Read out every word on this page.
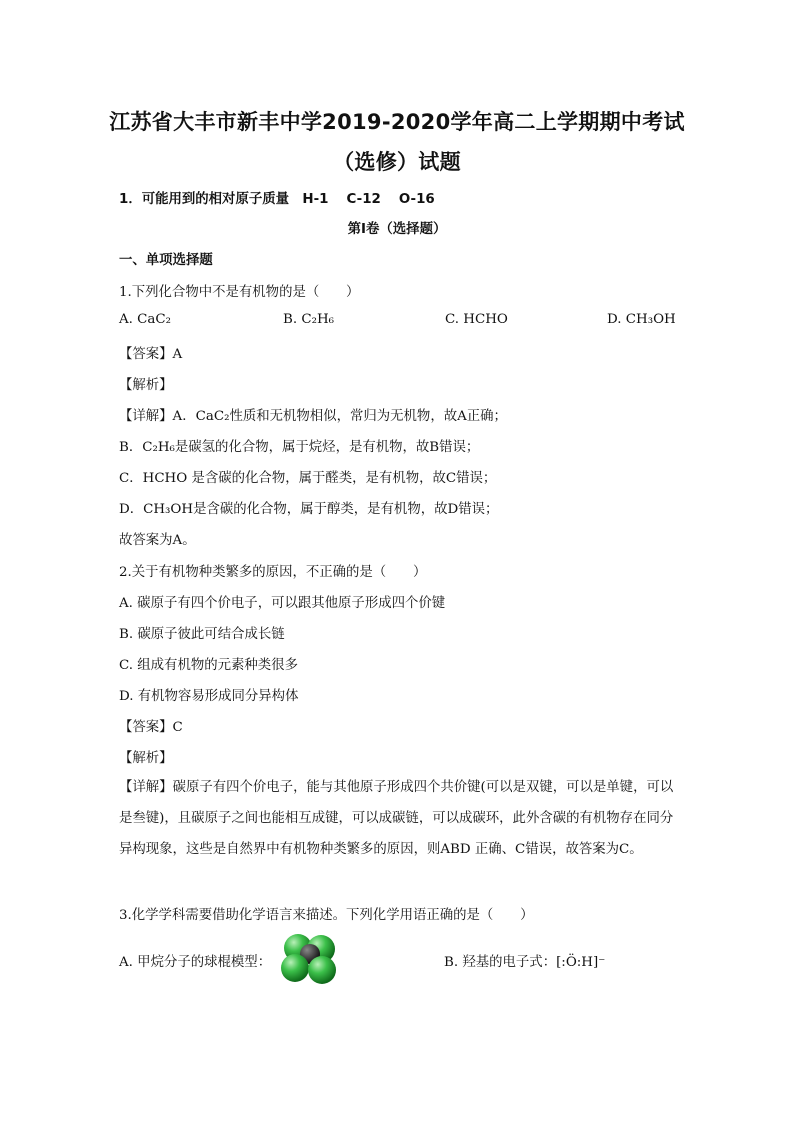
江苏省大丰市新丰中学2019-2020学年高二上学期期中考试
（选修）试题
1．可能用到的相对原子质量　H-1　 C-12　 O-16
第I卷（选择题）
一、单项选择题
1.下列化合物中不是有机物的是（　　）
A. CaC₂	B. C₂H₆	C. HCHO	D. CH₃OH
【答案】A
【解析】
【详解】A．CaC₂性质和无机物相似，常归为无机物，故A正确；
B．C₂H₆是碳氢的化合物，属于烷烃，是有机物，故B错误；
C．HCHO 是含碳的化合物，属于醛类，是有机物，故C错误；
D．CH₃OH是含碳的化合物，属于醇类，是有机物，故D错误；
故答案为A。
2.关于有机物种类繁多的原因，不正确的是（　　）
A. 碳原子有四个价电子，可以跟其他原子形成四个价键
B. 碳原子彼此可结合成长链
C. 组成有机物的元素种类很多
D. 有机物容易形成同分异构体
【答案】C
【解析】
【详解】碳原子有四个价电子，能与其他原子形成四个共价键(可以是双键，可以是单键，可以是叁键)，且碳原子之间也能相互成键，可以成碳链，可以成碳环，此外含碳的有机物存在同分异构现象，这些是自然界中有机物种类繁多的原因，则ABD 正确、C错误，故答案为C。
3.化学学科需要借助化学语言来描述。下列化学用语正确的是（　　）
A. 甲烷分子的球棍模型：	B. 羟基的电子式：[:Ö:H]⁻
